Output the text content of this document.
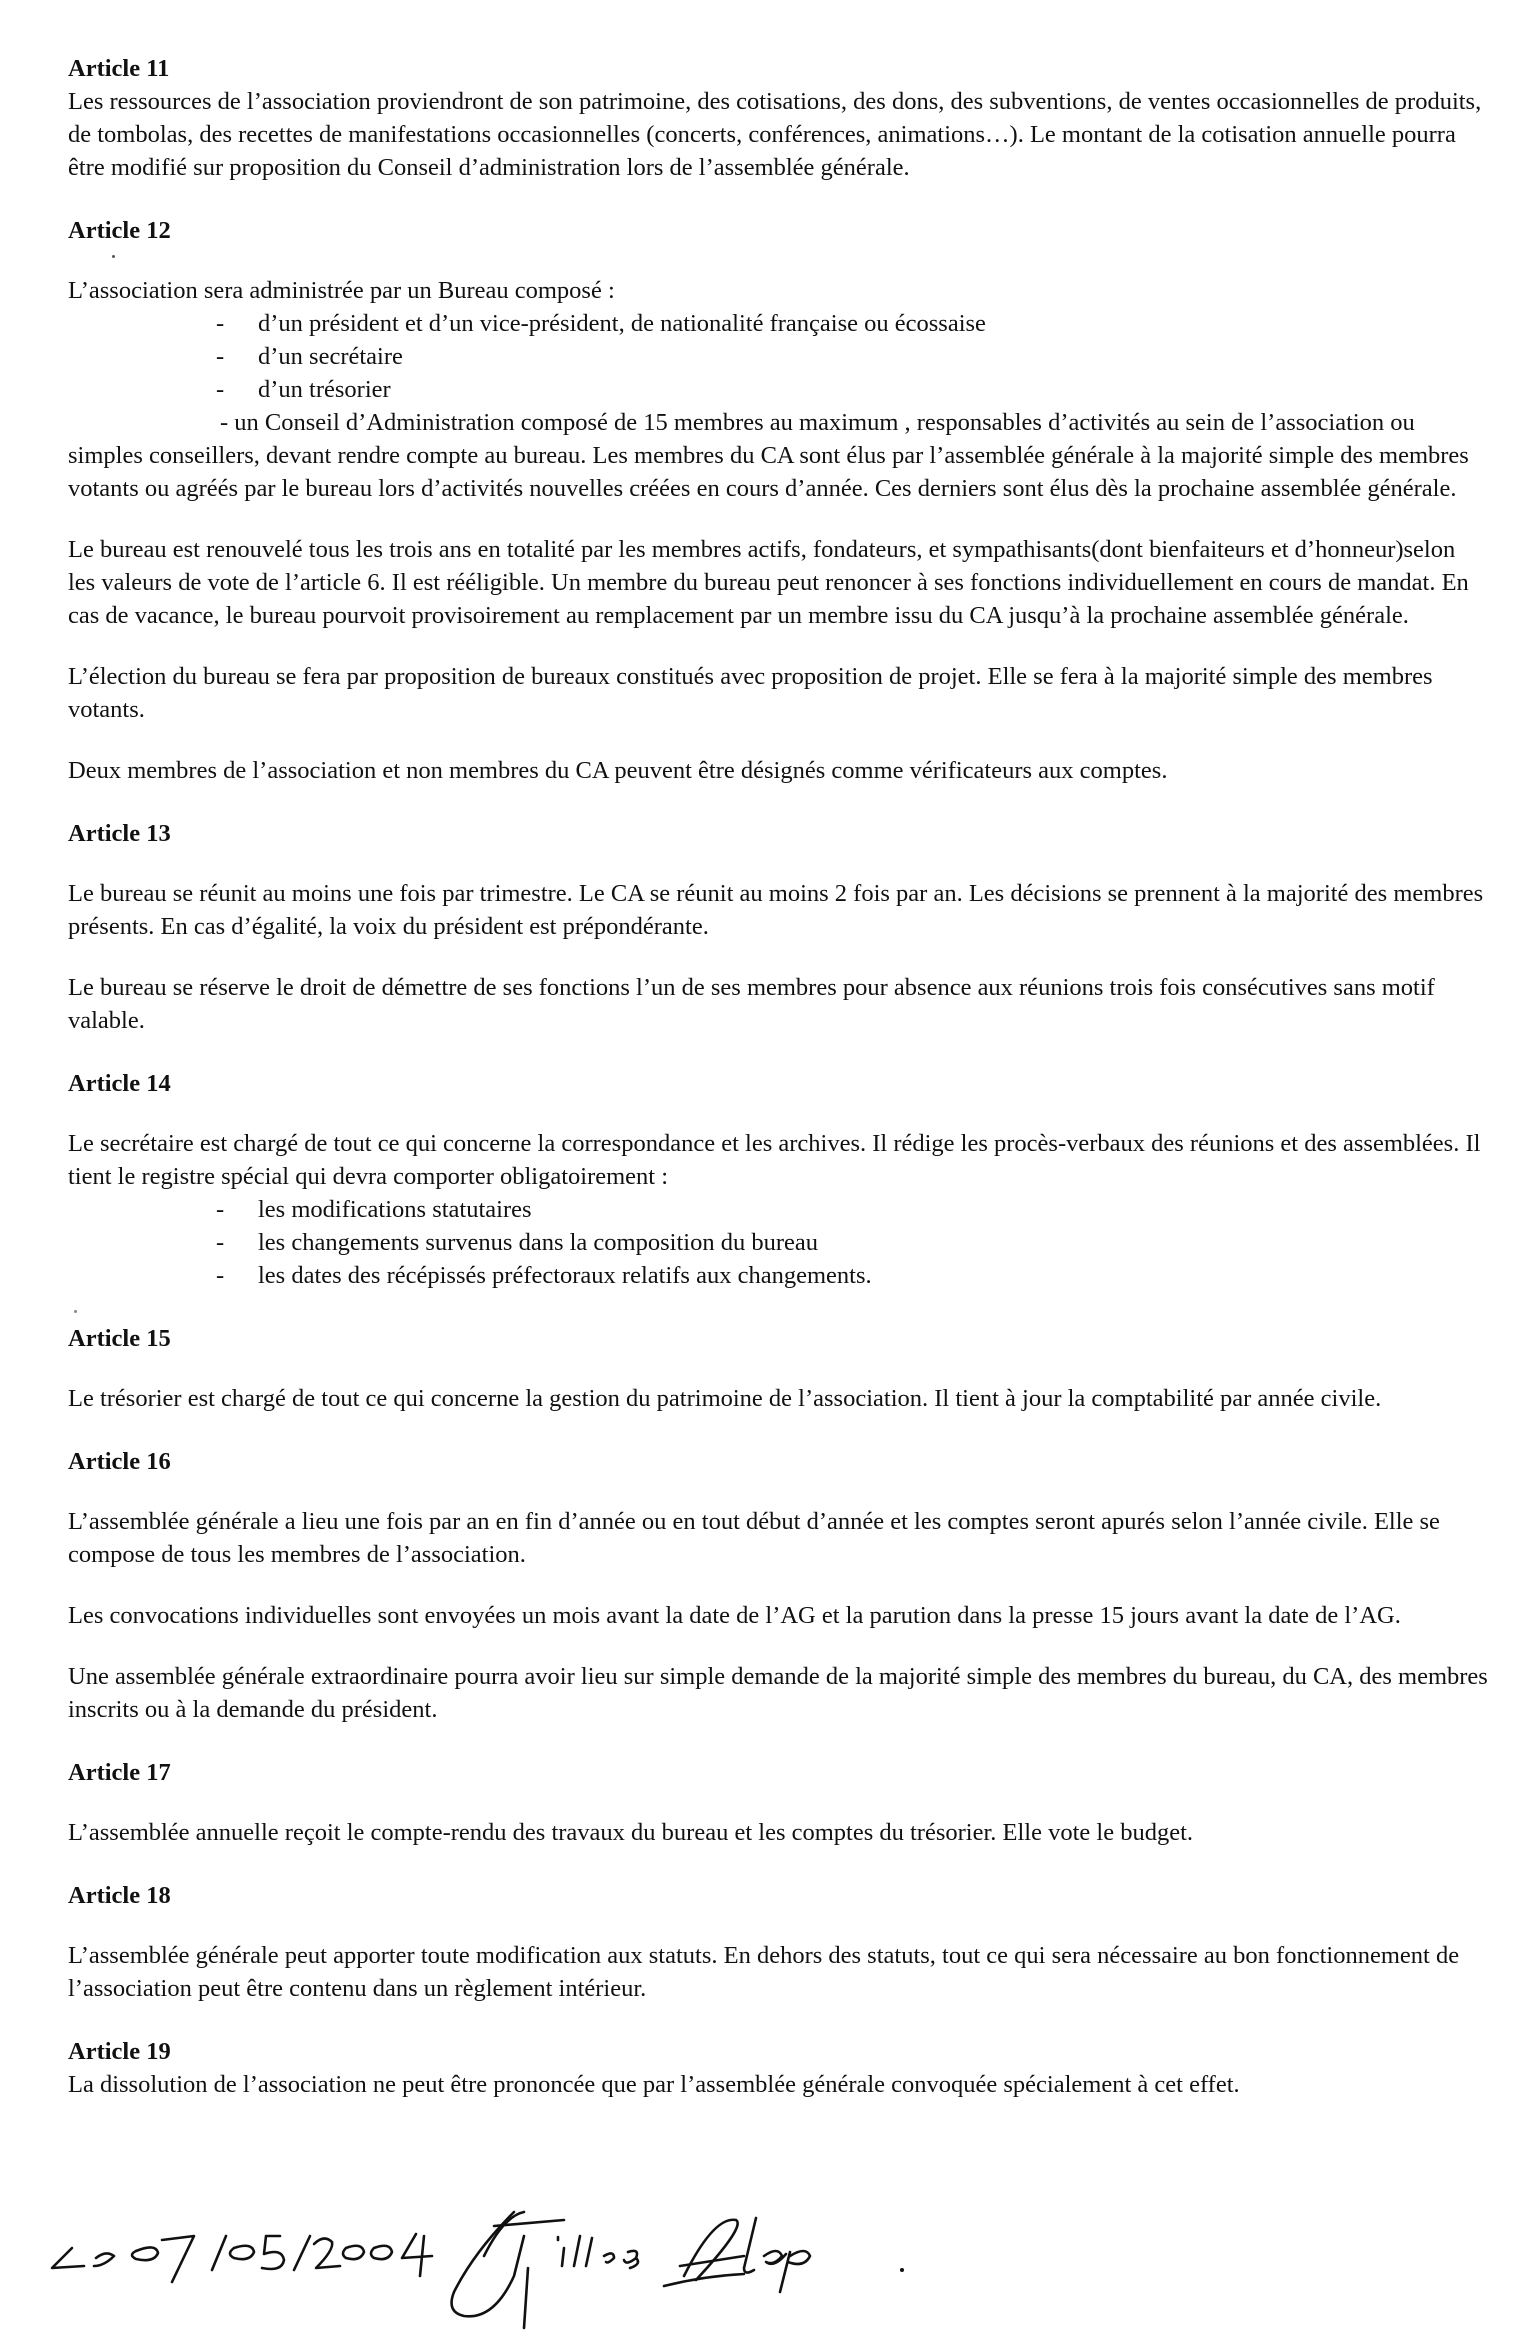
Article 11

Les ressources de l’association proviendront de son patrimoine, des cotisations, des dons, des subventions, de ventes occasionnelles de produits, de tombolas, des recettes de manifestations occasionnelles (concerts, conférences, animations…). Le montant de la cotisation annuelle pourra être modifié sur proposition du Conseil d’administration lors de l’assemblée générale.

Article 12

L’association sera administrée par un Bureau composé :

- d’un président et d’un vice-président, de nationalité française ou écossaise
- d’un secrétaire
- d’un trésorier

- un Conseil d’Administration composé de 15 membres au maximum , responsables d’activités au sein de l’association ou simples conseillers, devant rendre compte au bureau. Les membres du CA sont élus par l’assemblée générale à la majorité simple des membres votants ou agréés par le bureau lors d’activités nouvelles créées en cours d’année. Ces derniers sont élus dès la prochaine assemblée générale.

Le bureau est renouvelé tous les trois ans en totalité par les membres actifs, fondateurs, et sympathisants(dont bienfaiteurs et d’honneur)selon les valeurs de vote de l’article 6. Il est rééligible. Un membre du bureau peut renoncer à ses fonctions individuellement en cours de mandat. En cas de vacance, le bureau pourvoit provisoirement au remplacement par un membre issu du CA jusqu’à la prochaine assemblée générale.

L’élection du bureau se fera par proposition de bureaux constitués avec proposition de projet. Elle se fera à la majorité simple des membres votants.

Deux membres de l’association et non membres du CA peuvent être désignés comme vérificateurs aux comptes.

Article 13

Le bureau se réunit au moins une fois par trimestre. Le CA se réunit au moins 2 fois par an. Les décisions se prennent à la majorité des membres présents. En cas d’égalité, la voix du président est prépondérante.

Le bureau se réserve le droit de démettre de ses fonctions l’un de ses membres pour absence aux réunions trois fois consécutives sans motif valable.

Article 14

Le secrétaire est chargé de tout ce qui concerne la correspondance et les archives. Il rédige les procès-verbaux des réunions et des assemblées. Il tient le registre spécial qui devra comporter obligatoirement :

- les modifications statutaires
- les changements survenus dans la composition du bureau
- les dates des récépissés préfectoraux relatifs aux changements.
Article 15

Le trésorier est chargé de tout ce qui concerne la gestion du patrimoine de l’association. Il tient à jour la comptabilité par année civile.

Article 16

L’assemblée générale a lieu une fois par an en fin d’année ou en tout début d’année et les comptes seront apurés selon l’année civile. Elle se compose de tous les membres de l’association.

Les convocations individuelles sont envoyées un mois avant la date de l’AG et la parution dans la presse 15 jours avant la date de l’AG.

Une assemblée générale extraordinaire pourra avoir lieu sur simple demande de la majorité simple des membres du bureau, du CA, des membres inscrits ou à la demande du président.

Article 17

L’assemblée annuelle reçoit le compte-rendu des travaux du bureau et les comptes du trésorier. Elle vote le budget.

Article 18

L’assemblée générale peut apporter toute modification aux statuts. En dehors des statuts, tout ce qui sera nécessaire au bon fonctionnement de l’association peut être contenu dans un règlement intérieur.

Article 19

La dissolution de l’association ne peut être prononcée que par l’assemblée générale convoquée spécialement à cet effet.
